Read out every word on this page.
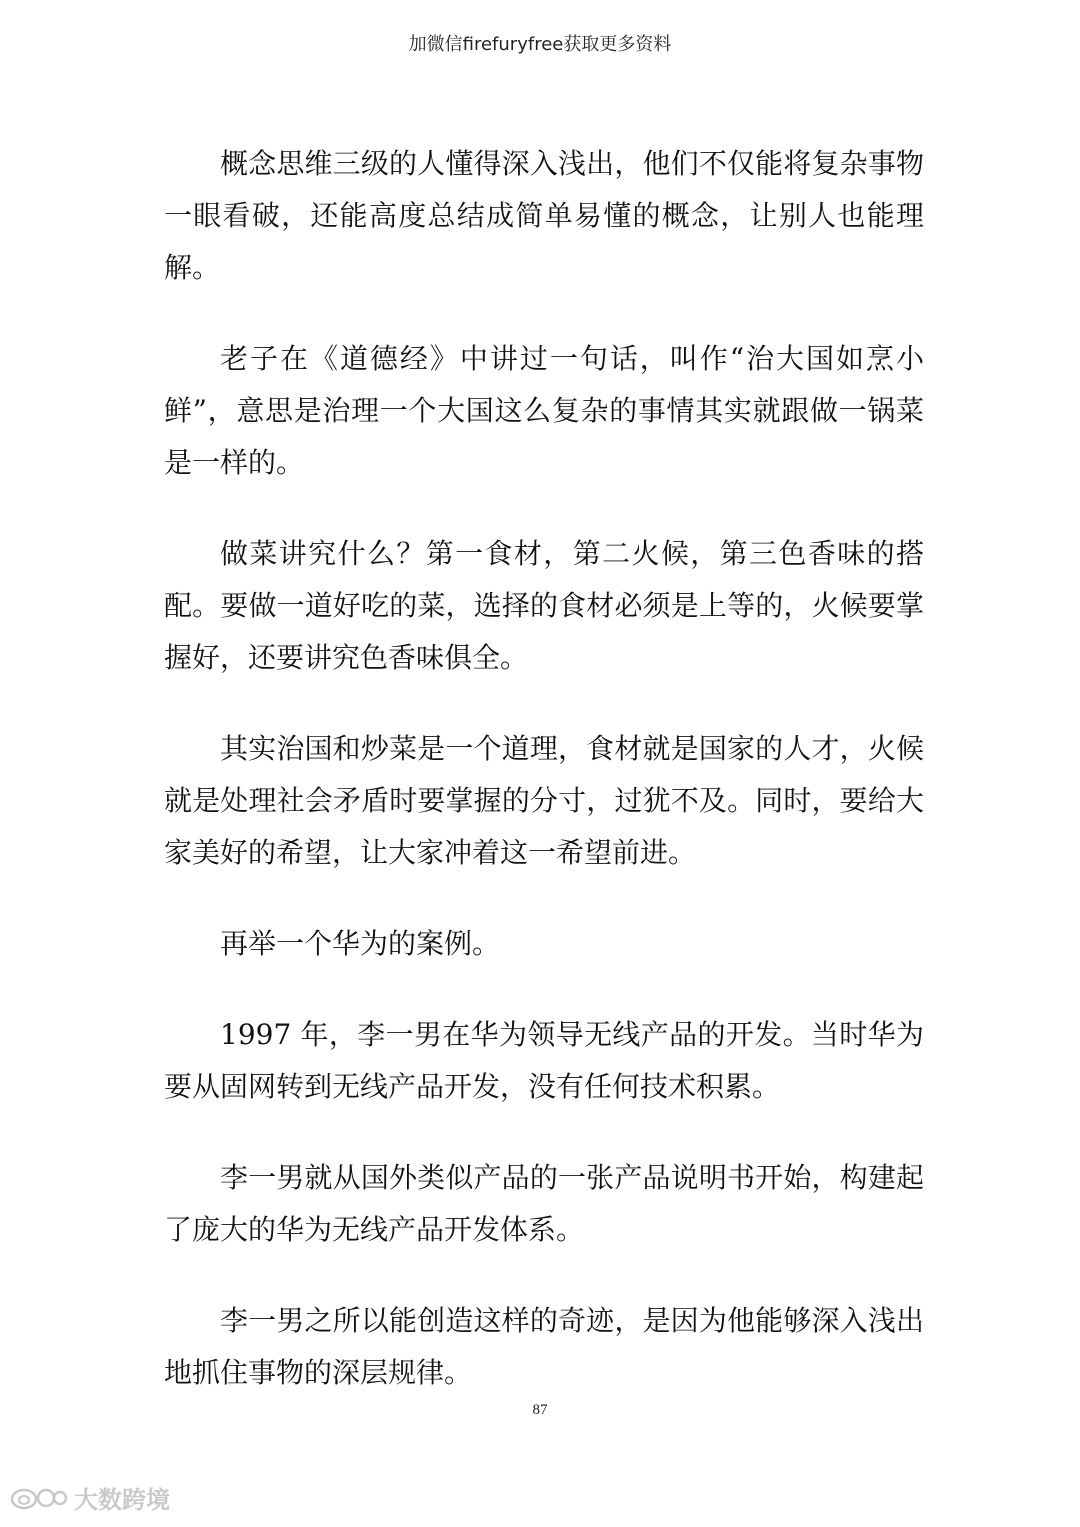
加微信firefuryfree获取更多资料

概念思维三级的人懂得深入浅出，他们不仅能将复杂事物一眼看破，还能高度总结成简单易懂的概念，让别人也能理解。

老子在《道德经》中讲过一句话，叫作“治大国如烹小鲜”，意思是治理一个大国这么复杂的事情其实就跟做一锅菜是一样的。

做菜讲究什么？第一食材，第二火候，第三色香味的搭配。要做一道好吃的菜，选择的食材必须是上等的，火候要掌握好，还要讲究色香味俱全。

其实治国和炒菜是一个道理，食材就是国家的人才，火候就是处理社会矛盾时要掌握的分寸，过犹不及。同时，要给大家美好的希望，让大家冲着这一希望前进。

再举一个华为的案例。

1997 年，李一男在华为领导无线产品的开发。当时华为要从固网转到无线产品开发，没有任何技术积累。

李一男就从国外类似产品的一张产品说明书开始，构建起了庞大的华为无线产品开发体系。

李一男之所以能创造这样的奇迹，是因为他能够深入浅出地抓住事物的深层规律。

87
大数跨境
